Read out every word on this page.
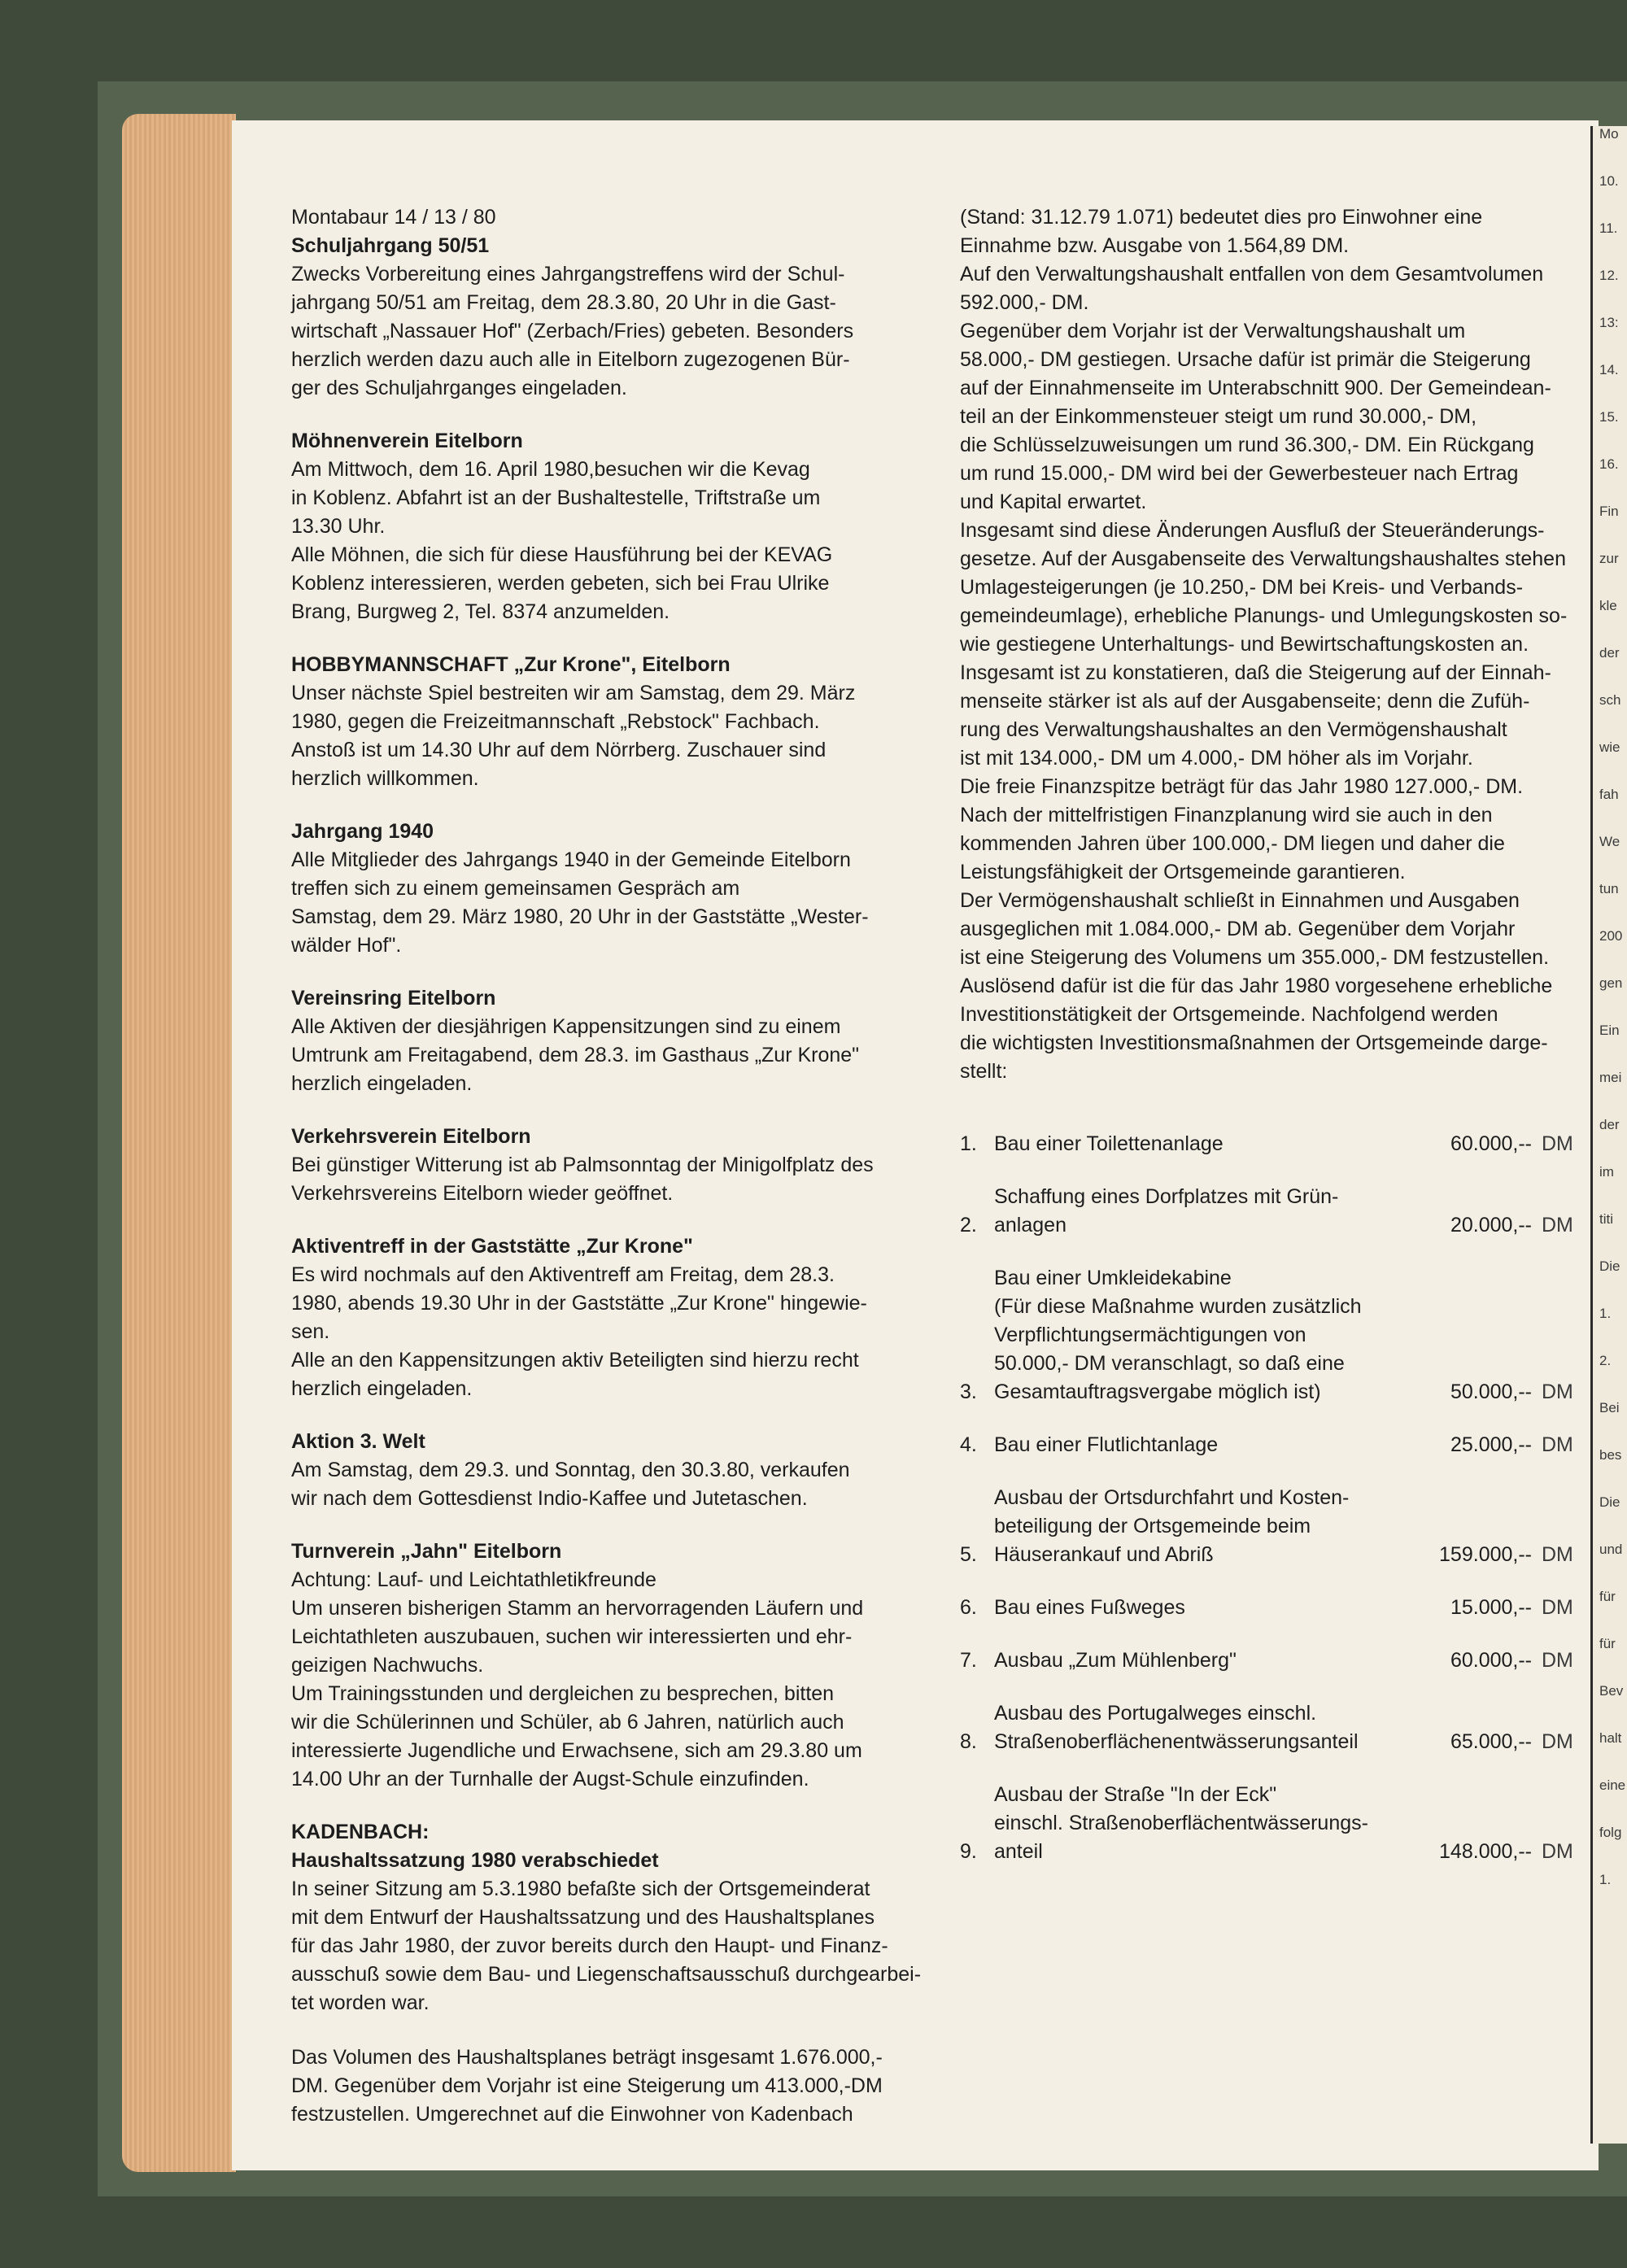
Mo
10.
11.
12.
13:
14.
15.
16.
Fin
zur
kle
der
sch
wie
fah
We
tun
200
gen
Ein
mei
der
im
titi
Die
1.
2.
Bei
bes
Die
und
für
für
Bev
halt
eine
folg
1.

Montabaur 14 / 13 / 80

Schuljahrgang 50/51

Zwecks Vorbereitung eines Jahrgangstreffens wird der Schul-
jahrgang 50/51 am Freitag, dem 28.3.80, 20 Uhr in die Gast-
wirtschaft „Nassauer Hof" (Zerbach/Fries) gebeten. Besonders
herzlich werden dazu auch alle in Eitelborn zugezogenen Bür-
ger des Schuljahrganges eingeladen.

Möhnenverein Eitelborn

Am Mittwoch, dem 16. April 1980,besuchen wir die Kevag
in Koblenz. Abfahrt ist an der Bushaltestelle, Triftstraße um
13.30 Uhr.
Alle Möhnen, die sich für diese Hausführung bei der KEVAG
Koblenz interessieren, werden gebeten, sich bei Frau Ulrike
Brang, Burgweg 2, Tel. 8374 anzumelden.

HOBBYMANNSCHAFT „Zur Krone", Eitelborn

Unser nächste Spiel bestreiten wir am Samstag, dem 29. März
1980, gegen die Freizeitmannschaft „Rebstock" Fachbach.
Anstoß ist um 14.30 Uhr auf dem Nörrberg. Zuschauer sind
herzlich willkommen.

Jahrgang 1940

Alle Mitglieder des Jahrgangs 1940 in der Gemeinde Eitelborn
treffen sich zu einem gemeinsamen Gespräch am
Samstag, dem 29. März 1980, 20 Uhr in der Gaststätte „Wester-
wälder Hof".

Vereinsring Eitelborn

Alle Aktiven der diesjährigen Kappensitzungen sind zu einem
Umtrunk am Freitagabend, dem 28.3. im Gasthaus „Zur Krone"
herzlich eingeladen.

Verkehrsverein Eitelborn

Bei günstiger Witterung ist ab Palmsonntag der Minigolfplatz des
Verkehrsvereins Eitelborn wieder geöffnet.

Aktiventreff in der Gaststätte „Zur Krone"

Es wird nochmals auf den Aktiventreff am Freitag, dem 28.3.
1980, abends 19.30 Uhr in der Gaststätte „Zur Krone" hingewie-
sen.
Alle an den Kappensitzungen aktiv Beteiligten sind hierzu recht
herzlich eingeladen.

Aktion 3. Welt

Am Samstag, dem 29.3. und Sonntag, den 30.3.80, verkaufen
wir nach dem Gottesdienst Indio-Kaffee und Jutetaschen.

Turnverein „Jahn" Eitelborn

Achtung: Lauf- und Leichtathletikfreunde
Um unseren bisherigen Stamm an hervorragenden Läufern und
Leichtathleten auszubauen, suchen wir interessierten und ehr-
geizigen Nachwuchs.
Um Trainingsstunden und dergleichen zu besprechen, bitten
wir die Schülerinnen und Schüler, ab 6 Jahren, natürlich auch
interessierte Jugendliche und Erwachsene, sich am 29.3.80 um
14.00 Uhr an der Turnhalle der Augst-Schule einzufinden.

KADENBACH:
Haushaltssatzung 1980 verabschiedet

In seiner Sitzung am 5.3.1980 befaßte sich der Ortsgemeinderat
mit dem Entwurf der Haushaltssatzung und des Haushaltsplanes
für das Jahr 1980, der zuvor bereits durch den Haupt- und Finanz-
ausschuß sowie dem Bau- und Liegenschaftsausschuß durchgearbei-
tet worden war.

Das Volumen des Haushaltsplanes beträgt insgesamt 1.676.000,-
DM. Gegenüber dem Vorjahr ist eine Steigerung um 413.000,-DM
festzustellen. Umgerechnet auf die Einwohner von Kadenbach

(Stand: 31.12.79 1.071) bedeutet dies pro Einwohner eine
Einnahme bzw. Ausgabe von 1.564,89 DM.

Auf den Verwaltungshaushalt entfallen von dem Gesamtvolumen
592.000,- DM.

Gegenüber dem Vorjahr ist der Verwaltungshaushalt um
58.000,- DM gestiegen. Ursache dafür ist primär die Steigerung
auf der Einnahmenseite im Unterabschnitt 900. Der Gemeindean-
teil an der Einkommensteuer steigt um rund 30.000,- DM,
die Schlüsselzuweisungen um rund 36.300,- DM. Ein Rückgang
um rund 15.000,- DM wird bei der Gewerbesteuer nach Ertrag
und Kapital erwartet.

Insgesamt sind diese Änderungen Ausfluß der Steueränderungs-
gesetze. Auf der Ausgabenseite des Verwaltungshaushaltes stehen
Umlagesteigerungen (je 10.250,- DM bei Kreis- und Verbands-
gemeindeumlage), erhebliche Planungs- und Umlegungskosten so-
wie gestiegene Unterhaltungs- und Bewirtschaftungskosten an.
Insgesamt ist zu konstatieren, daß die Steigerung auf der Einnah-
menseite stärker ist als auf der Ausgabenseite; denn die Zufüh-
rung des Verwaltungshaushaltes an den Vermögenshaushalt
ist mit 134.000,- DM um 4.000,- DM höher als im Vorjahr.

Die freie Finanzspitze beträgt für das Jahr 1980 127.000,- DM.
Nach der mittelfristigen Finanzplanung wird sie auch in den
kommenden Jahren über 100.000,- DM liegen und daher die
Leistungsfähigkeit der Ortsgemeinde garantieren.

Der Vermögenshaushalt schließt in Einnahmen und Ausgaben
ausgeglichen mit 1.084.000,- DM ab. Gegenüber dem Vorjahr
ist eine Steigerung des Volumens um 355.000,- DM festzustellen.
Auslösend dafür ist die für das Jahr 1980 vorgesehene erhebliche
Investitionstätigkeit der Ortsgemeinde. Nachfolgend werden
die wichtigsten Investitionsmaßnahmen der Ortsgemeinde darge-
stellt:

1. Bau einer Toilettenanlage	60.000,-- DM
2.
Schaffung eines Dorfplatzes mit Grün-
anlagen	20.000,-- DM
3.
Bau einer Umkleidekabine
(Für diese Maßnahme wurden zusätzlich
Verpflichtungsermächtigungen von
50.000,- DM veranschlagt, so daß eine
Gesamtauftragsvergabe möglich ist)	50.000,-- DM
4. Bau einer Flutlichtanlage	25.000,-- DM
5.
Ausbau der Ortsdurchfahrt und Kosten-
beteiligung der Ortsgemeinde beim
Häuserankauf und Abriß	159.000,-- DM
6. Bau eines Fußweges	15.000,-- DM
7. Ausbau „Zum Mühlenberg"	60.000,-- DM
8.
Ausbau des Portugalweges einschl.
Straßenoberflächenentwässerungsanteil	65.000,-- DM
9.
Ausbau der Straße "In der Eck"
einschl. Straßenoberflächentwässerungs-
anteil	148.000,-- DM
